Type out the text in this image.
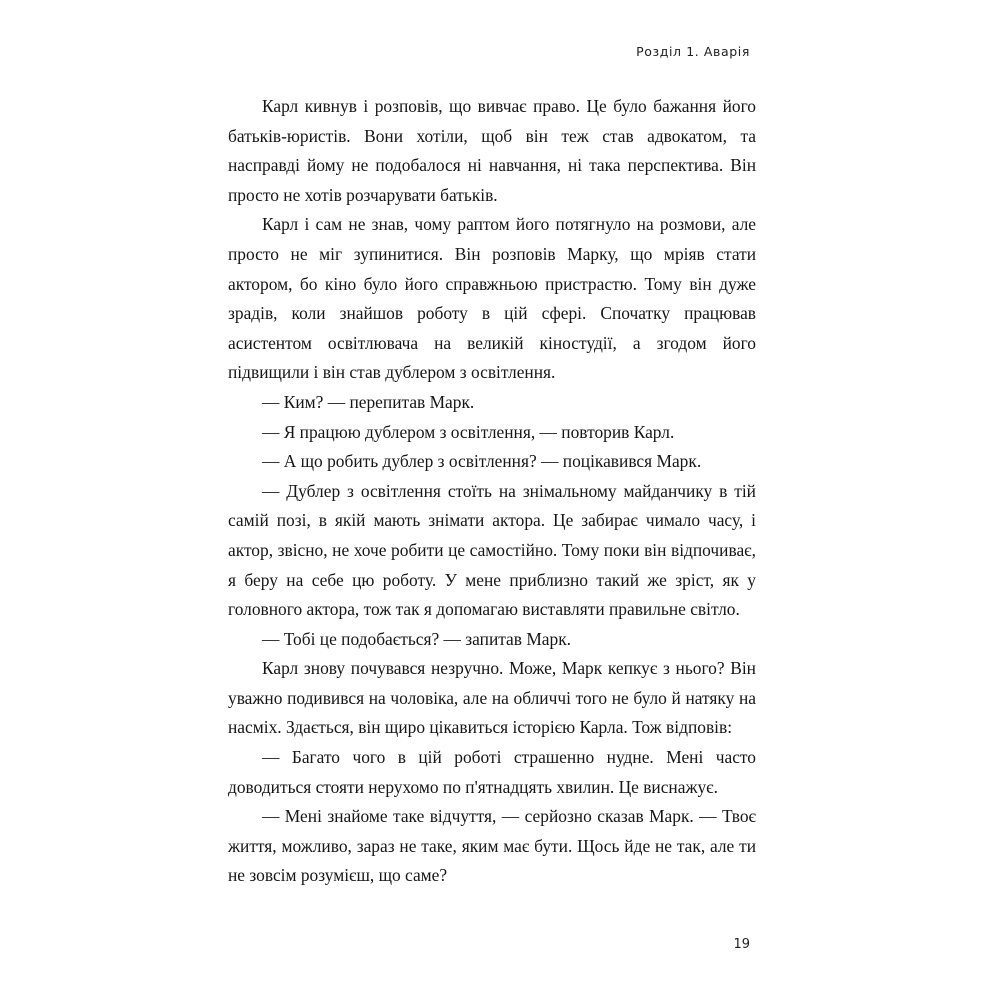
Розділ 1. Аварія

Карл кивнув і розповів, що вивчає право. Це було бажання його батьків-юристів. Вони хотіли, щоб він теж став адвокатом, та насправді йому не подобалося ні навчання, ні така перспектива. Він просто не хотів розчарувати батьків.

Карл і сам не знав, чому раптом його потягнуло на розмови, але просто не міг зупинитися. Він розповів Марку, що мріяв стати актором, бо кіно було його справжньою пристрастю. Тому він дуже зрадів, коли знайшов роботу в цій сфері. Спочатку працював асистентом освітлювача на великій кіностудії, а згодом його підвищили і він став дублером з освітлення.

— Ким? — перепитав Марк.

— Я працюю дублером з освітлення, — повторив Карл.

— А що робить дублер з освітлення? — поцікавився Марк.

— Дублер з освітлення стоїть на знімальному майданчику в тій самій позі, в якій мають знімати актора. Це забирає чимало часу, і актор, звісно, не хоче робити це самостійно. Тому поки він відпочиває, я беру на себе цю роботу. У мене приблизно такий же зріст, як у головного актора, тож так я допомагаю виставляти правильне світло.

— Тобі це подобається? — запитав Марк.

Карл знову почувався незручно. Може, Марк кепкує з нього? Він уважно подивився на чоловіка, але на обличчі того не було й натяку на насміх. Здається, він щиро цікавиться історією Карла. Тож відповів:

— Багато чого в цій роботі страшенно нудне. Мені часто доводиться стояти нерухомо по п'ятнадцять хвилин. Це виснажує.

— Мені знайоме таке відчуття, — серйозно сказав Марк. — Твоє життя, можливо, зараз не таке, яким має бути. Щось йде не так, але ти не зовсім розумієш, що саме?

19
